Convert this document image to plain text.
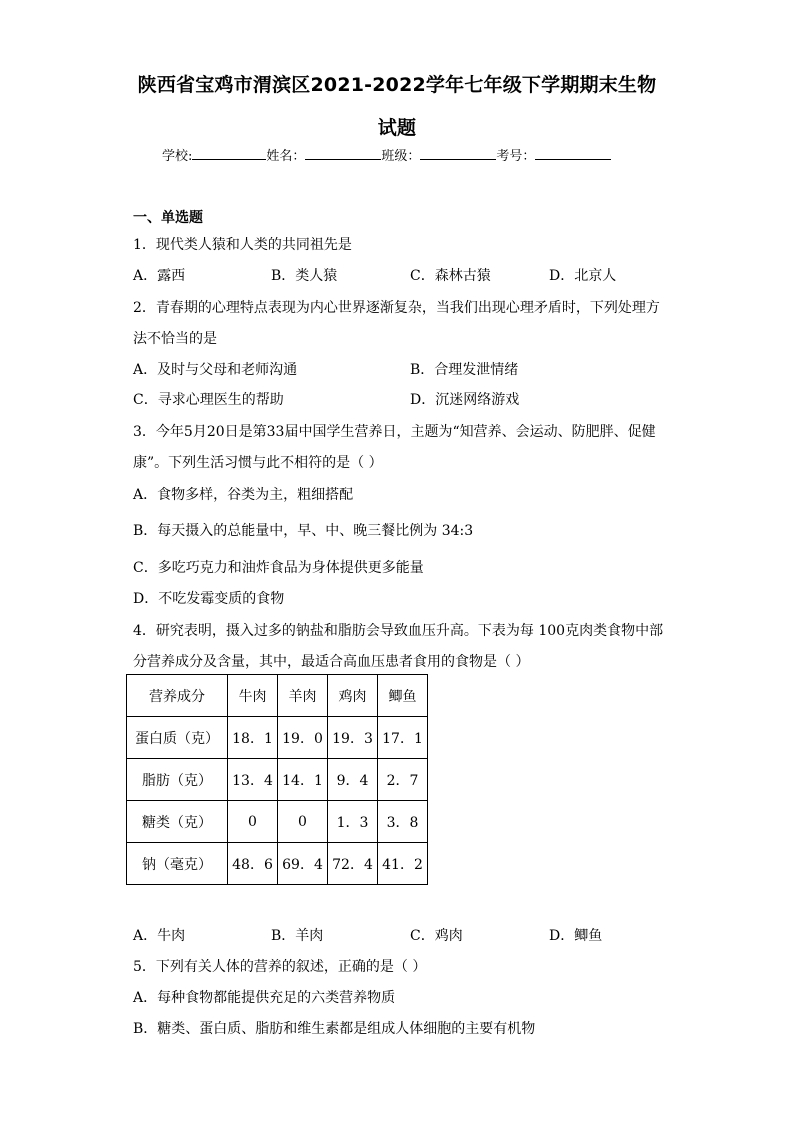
陕西省宝鸡市渭滨区2021-2022学年七年级下学期期末生物
试题
学校:	姓名：	班级：	考号：
一、单选题
1．现代类人猿和人类的共同祖先是
A．露西	B．类人猿	C．森林古猿	D．北京人
2．青春期的心理特点表现为内心世界逐渐复杂，当我们出现心理矛盾时，下列处理方
法不恰当的是
A．及时与父母和老师沟通	B．合理发泄情绪
C．寻求心理医生的帮助	D．沉迷网络游戏
3．今年5月20日是第33届中国学生营养日，主题为“知营养、会运动、防肥胖、促健
康”。下列生活习惯与此不相符的是（ ）
A．食物多样，谷类为主，粗细搭配
B．每天摄入的总能量中，早、中、晚三餐比例为 34:3
C．多吃巧克力和油炸食品为身体提供更多能量
D．不吃发霉变质的食物
4．研究表明，摄入过多的钠盐和脂肪会导致血压升高。下表为每 100克肉类食物中部
分营养成分及含量，其中，最适合高血压患者食用的食物是（ ）
营养成分	牛肉	羊肉	鸡肉	鲫鱼
蛋白质（克）	18．1	19．0	19．3	17．1
脂肪（克）	13．4	14．1	9．4	2．7
糖类（克）	0	0	1．3	3．8
钠（毫克）	48．6	69．4	72．4	41．2
A．牛肉	B．羊肉	C．鸡肉	D．鲫鱼
5．下列有关人体的营养的叙述，正确的是（ ）
A．每种食物都能提供充足的六类营养物质
B．糖类、蛋白质、脂肪和维生素都是组成人体细胞的主要有机物
